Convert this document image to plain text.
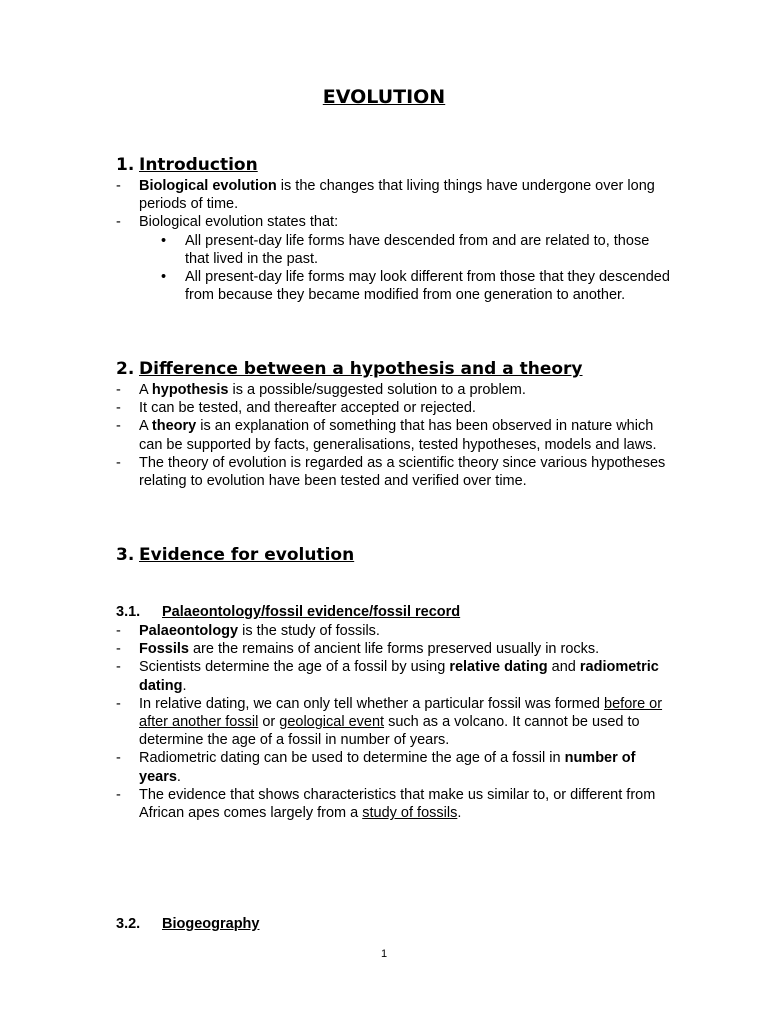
EVOLUTION
1. Introduction
- Biological evolution is the changes that living things have undergone over long periods of time.
- Biological evolution states that:
• All present-day life forms have descended from and are related to, those that lived in the past.
• All present-day life forms may look different from those that they descended from because they became modified from one generation to another.
2. Difference between a hypothesis and a theory
- A hypothesis is a possible/suggested solution to a problem.
- It can be tested, and thereafter accepted or rejected.
- A theory is an explanation of something that has been observed in nature which can be supported by facts, generalisations, tested hypotheses, models and laws.
- The theory of evolution is regarded as a scientific theory since various hypotheses relating to evolution have been tested and verified over time.
3. Evidence for evolution
3.1. Palaeontology/fossil evidence/fossil record
- Palaeontology is the study of fossils.
- Fossils are the remains of ancient life forms preserved usually in rocks.
- Scientists determine the age of a fossil by using relative dating and radiometric dating.
- In relative dating, we can only tell whether a particular fossil was formed before or after another fossil or geological event such as a volcano. It cannot be used to determine the age of a fossil in number of years.
- Radiometric dating can be used to determine the age of a fossil in number of years.
- The evidence that shows characteristics that make us similar to, or different from African apes comes largely from a study of fossils.
3.2. Biogeography
1
